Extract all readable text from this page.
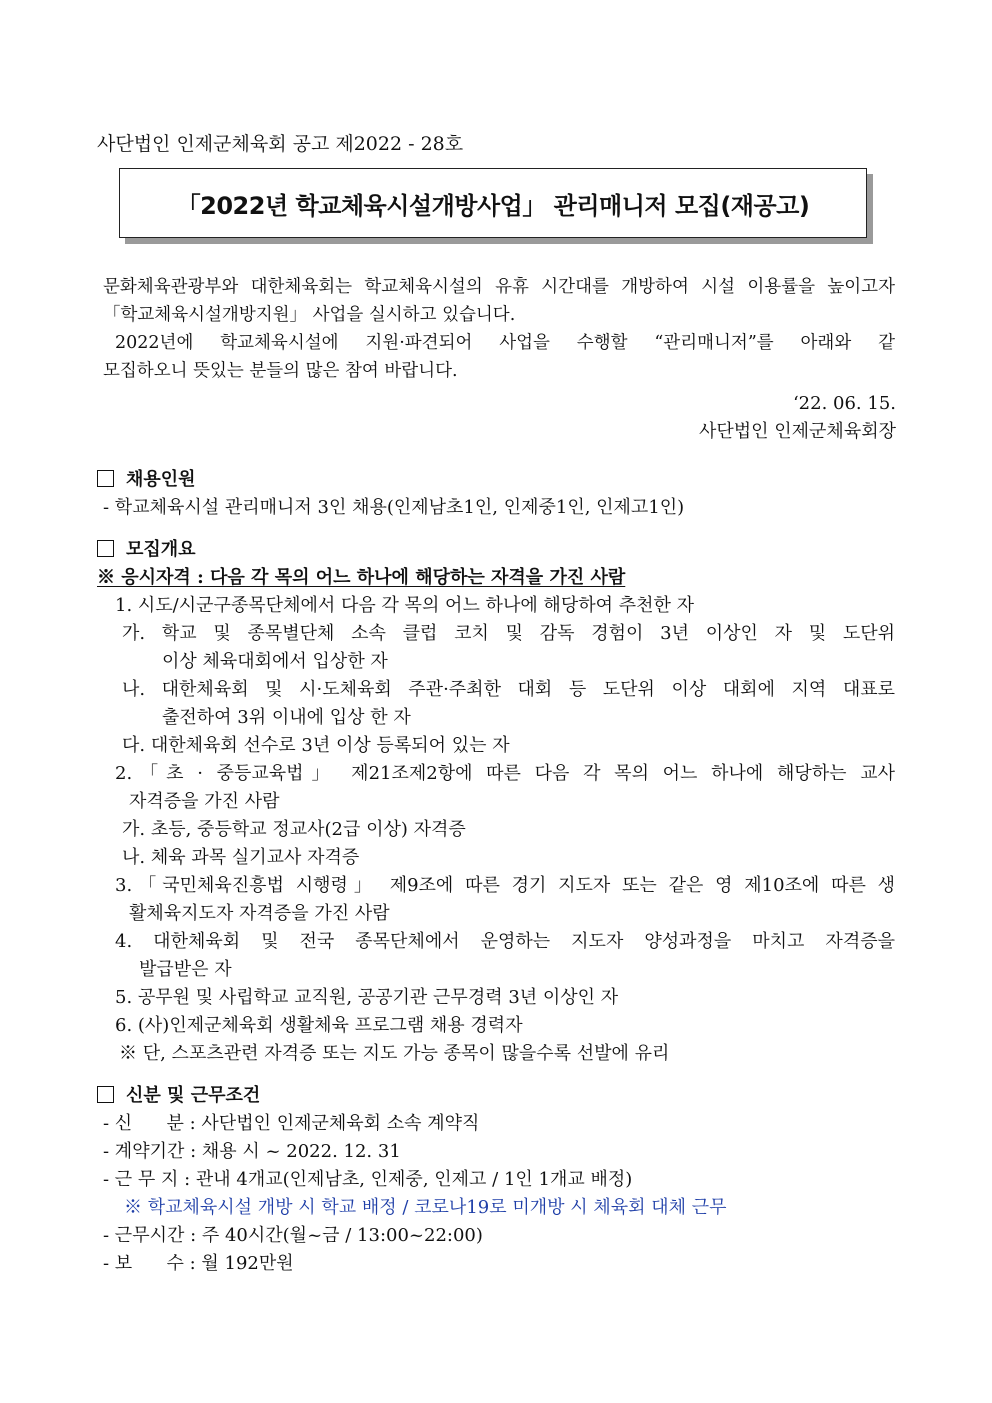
사단법인 인제군체육회 공고 제2022 - 28호
「2022년 학교체육시설개방사업」 관리매니저 모집(재공고)
문화체육관광부와 대한체육회는 학교체육시설의 유휴 시간대를 개방하여 시설 이용률을 높이고자
「학교체육시설개방지원」 사업을 실시하고 있습니다.
2022년에 학교체육시설에 지원·파견되어 사업을 수행할 “관리매니저”를 아래와 같
모집하오니 뜻있는 분들의 많은 참여 바랍니다.
‘22. 06. 15.
사단법인 인제군체육회장
채용인원
- 학교체육시설 관리매니저 3인 채용(인제남초1인, 인제중1인, 인제고1인)
모집개요
※ 응시자격 : 다음 각 목의 어느 하나에 해당하는 자격을 가진 사람
1. 시도/시군구종목단체에서 다음 각 목의 어느 하나에 해당하여 추천한 자
가. 학교 및 종목별단체 소속 클럽 코치 및 감독 경험이 3년 이상인 자 및 도단위
이상 체육대회에서 입상한 자
나. 대한체육회 및 시·도체육회 주관·주최한 대회 등 도단위 이상 대회에 지역 대표로
출전하여 3위 이내에 입상 한 자
다. 대한체육회 선수로 3년 이상 등록되어 있는 자
2.「초 · 중등교육법」 제21조제2항에 따른 다음 각 목의 어느 하나에 해당하는 교사
자격증을 가진 사람
가. 초등, 중등학교 정교사(2급 이상) 자격증
나. 체육 과목 실기교사 자격증
3.「국민체육진흥법 시행령」 제9조에 따른 경기 지도자 또는 같은 영 제10조에 따른 생
활체육지도자 자격증을 가진 사람
4. 대한체육회 및 전국 종목단체에서 운영하는 지도자 양성과정을 마치고 자격증을
발급받은 자
5. 공무원 및 사립학교 교직원, 공공기관 근무경력 3년 이상인 자
6. (사)인제군체육회 생활체육 프로그램 채용 경력자
※ 단, 스포츠관련 자격증 또는 지도 가능 종목이 많을수록 선발에 유리
신분 및 근무조건
- 신      분 : 사단법인 인제군체육회 소속 계약직
- 계약기간 : 채용 시 ~ 2022. 12. 31
- 근 무 지 : 관내 4개교(인제남초, 인제중, 인제고 / 1인 1개교 배정)
※ 학교체육시설 개방 시 학교 배정 / 코로나19로 미개방 시 체육회 대체 근무
- 근무시간 : 주 40시간(월~금 / 13:00~22:00)
- 보      수 : 월 192만원
